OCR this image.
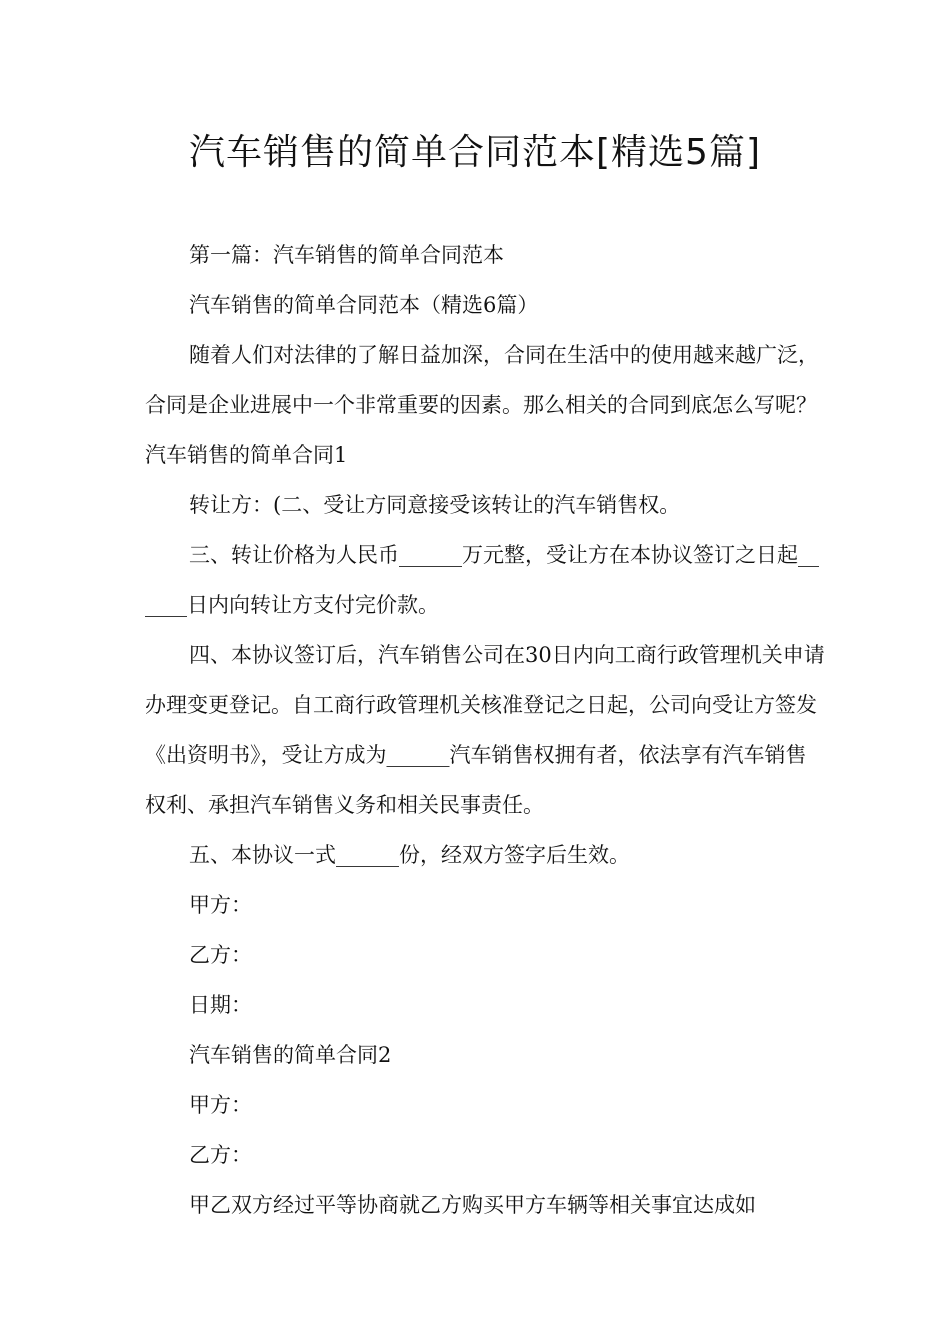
汽车销售的简单合同范本[精选5篇]

第一篇：汽车销售的简单合同范本

汽车销售的简单合同范本（精选6篇）

随着人们对法律的了解日益加深，合同在生活中的使用越来越广泛，合同是企业进展中一个非常重要的因素。那么相关的合同到底怎么写呢？汽车销售的简单合同1

转让方：(二、受让方同意接受该转让的汽车销售权。

三、转让价格为人民币______万元整，受让方在本协议签订之日起______日内向转让方支付完价款。

四、本协议签订后，汽车销售公司在30日内向工商行政管理机关申请办理变更登记。自工商行政管理机关核准登记之日起，公司向受让方签发《出资明书》，受让方成为______汽车销售权拥有者，依法享有汽车销售权利、承担汽车销售义务和相关民事责任。

五、本协议一式______份，经双方签字后生效。

甲方：

乙方：

日期：

汽车销售的简单合同2

甲方：

乙方：

甲乙双方经过平等协商就乙方购买甲方车辆等相关事宜达成如
